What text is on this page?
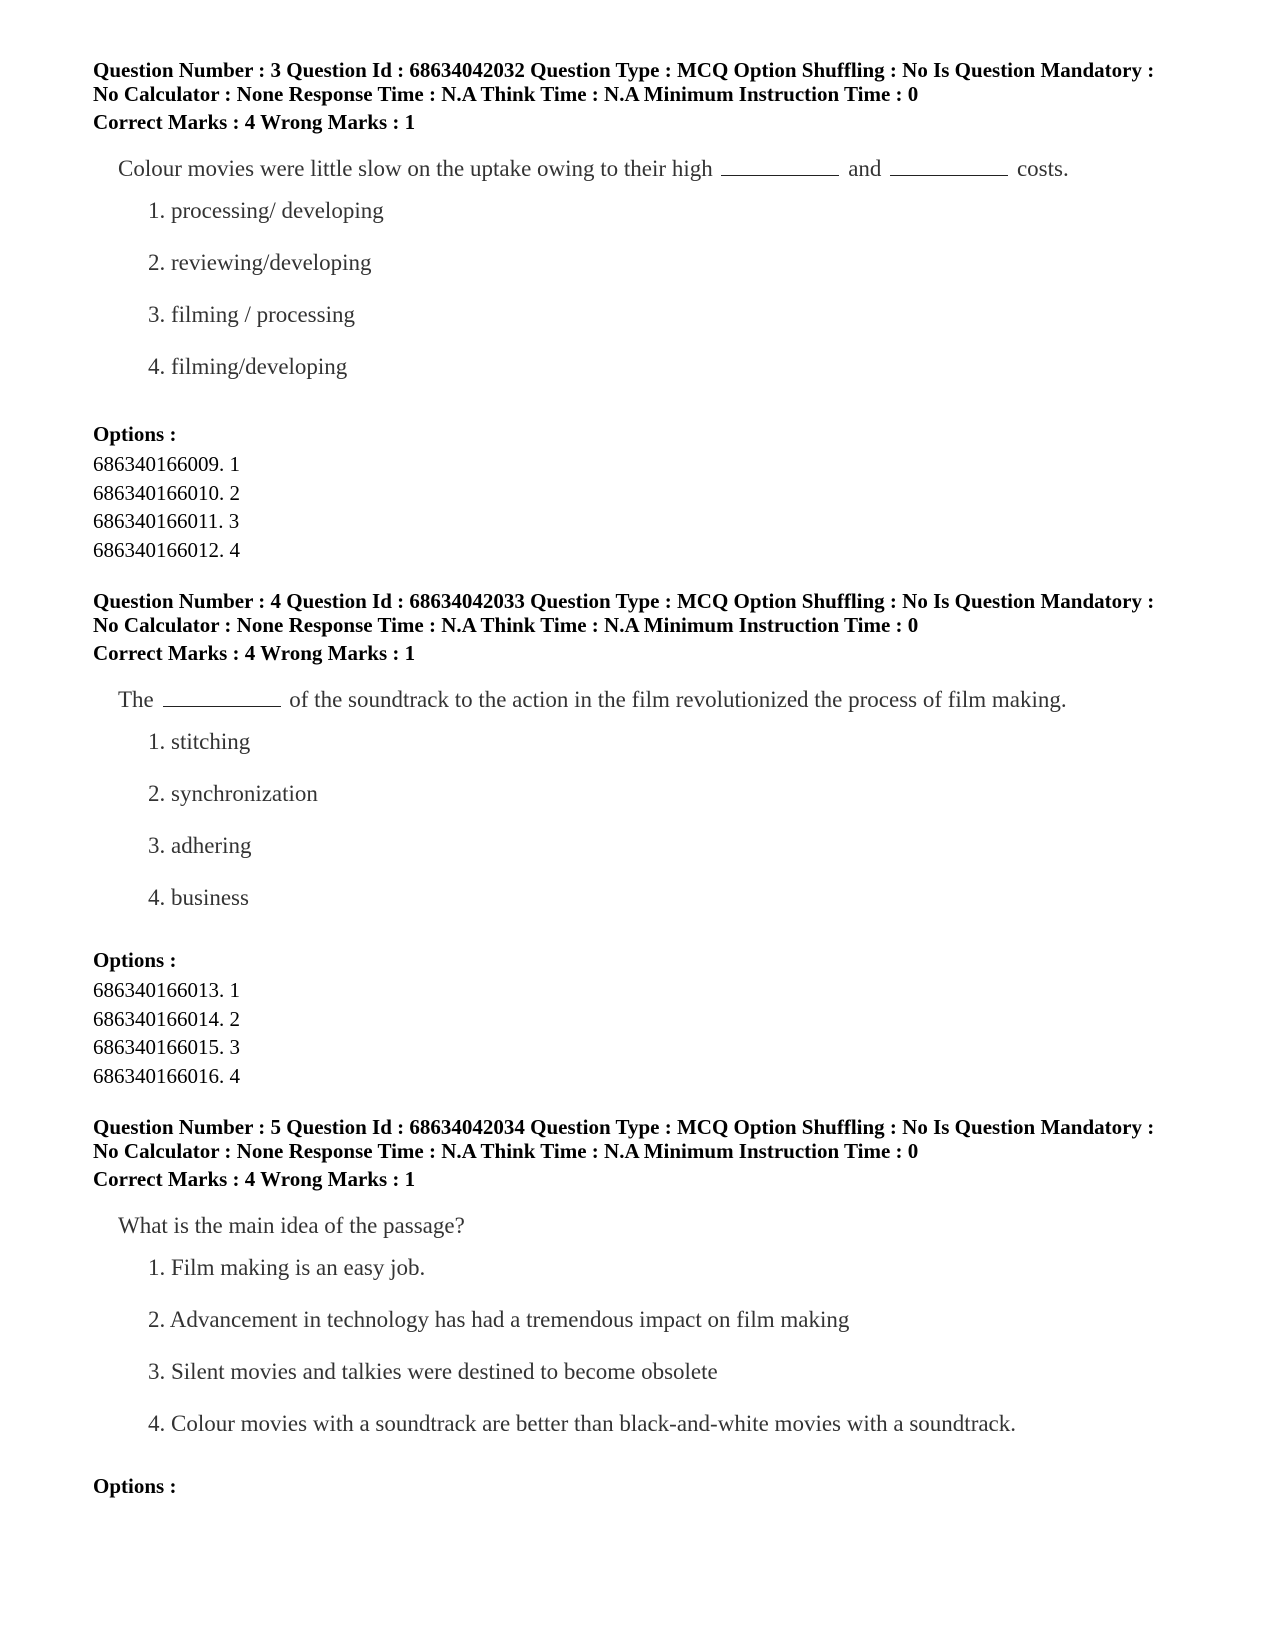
Question Number : 3 Question Id : 68634042032 Question Type : MCQ Option Shuffling : No Is Question Mandatory :

No Calculator : None Response Time : N.A Think Time : N.A Minimum Instruction Time : 0

Correct Marks : 4 Wrong Marks : 1

Colour movies were little slow on the uptake owing to their high	and	costs.

1. processing/ developing
2. reviewing/developing
3. filming / processing
4. filming/developing

Options :

686340166009. 1

686340166010. 2

686340166011. 3

686340166012. 4

Question Number : 4 Question Id : 68634042033 Question Type : MCQ Option Shuffling : No Is Question Mandatory :

No Calculator : None Response Time : N.A Think Time : N.A Minimum Instruction Time : 0

Correct Marks : 4 Wrong Marks : 1

The	of the soundtrack to the action in the film revolutionized the process of film making.

1. stitching
2. synchronization
3. adhering
4. business

Options :

686340166013. 1

686340166014. 2

686340166015. 3

686340166016. 4

Question Number : 5 Question Id : 68634042034 Question Type : MCQ Option Shuffling : No Is Question Mandatory :

No Calculator : None Response Time : N.A Think Time : N.A Minimum Instruction Time : 0

Correct Marks : 4 Wrong Marks : 1

What is the main idea of the passage?

1. Film making is an easy job.
2. Advancement in technology has had a tremendous impact on film making
3. Silent movies and talkies were destined to become obsolete
4. Colour movies with a soundtrack are better than black-and-white movies with a soundtrack.

Options :
